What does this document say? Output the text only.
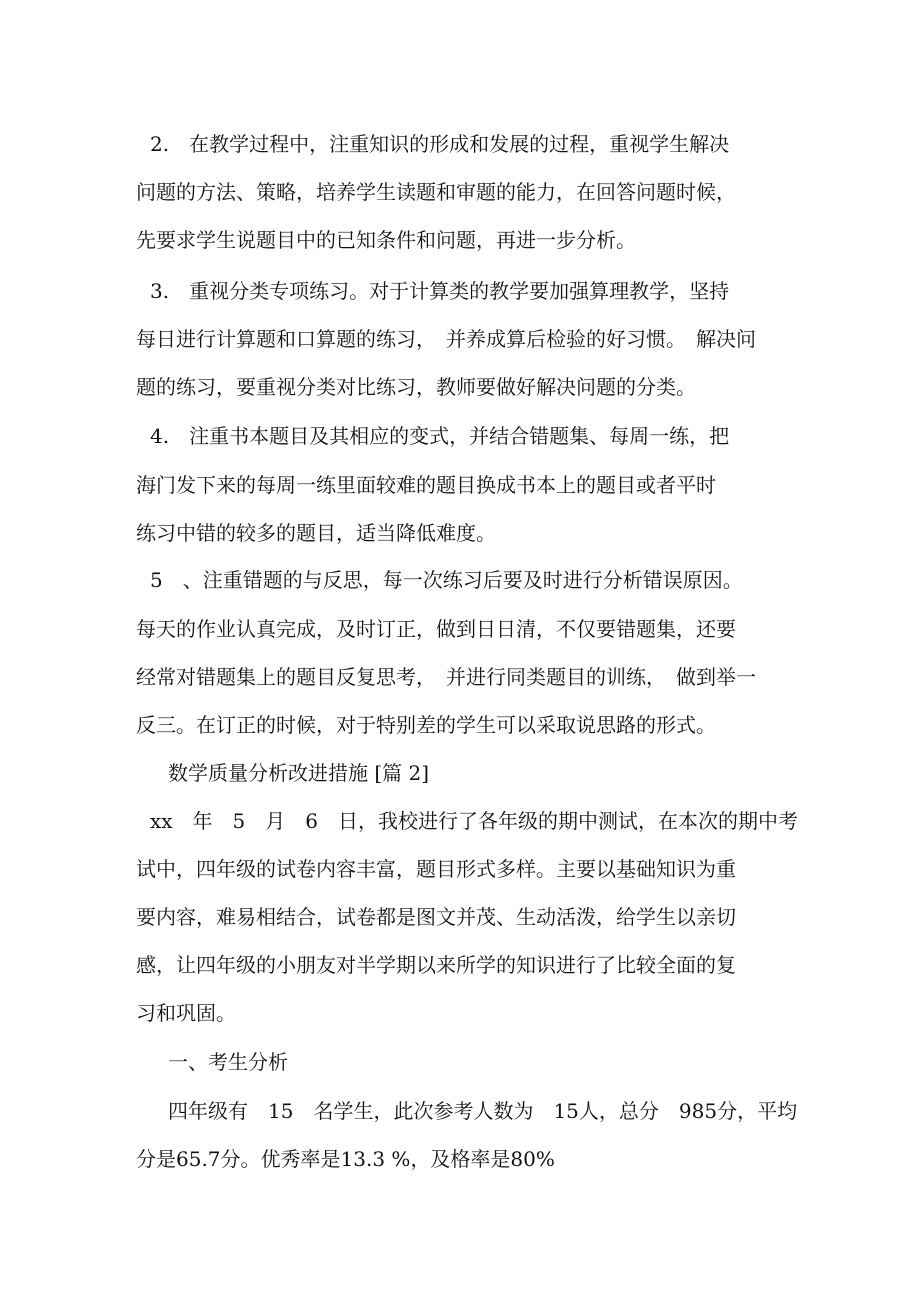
2.　在教学过程中，注重知识的形成和发展的过程，重视学生解决
问题的方法、策略，培养学生读题和审题的能力，在回答问题时候，
先要求学生说题目中的已知条件和问题，再进一步分析。
3.　重视分类专项练习。对于计算类的教学要加强算理教学，坚持
每日进行计算题和口算题的练习，　并养成算后检验的好习惯。　解决问
题的练习，要重视分类对比练习，教师要做好解决问题的分类。
4.　注重书本题目及其相应的变式，并结合错题集、每周一练，把
海门发下来的每周一练里面较难的题目换成书本上的题目或者平时
练习中错的较多的题目，适当降低难度。
5　、注重错题的与反思，每一次练习后要及时进行分析错误原因。
每天的作业认真完成，及时订正，做到日日清，不仅要错题集，还要
经常对错题集上的题目反复思考，　并进行同类题目的训练，　做到举一
反三。在订正的时候，对于特别差的学生可以采取说思路的形式。
数学质量分析改进措施 [篇 2]
xx　年　5　月　6　日，我校进行了各年级的期中测试，在本次的期中考
试中，四年级的试卷内容丰富，题目形式多样。主要以基础知识为重
要内容，难易相结合，试卷都是图文并茂、生动活泼，给学生以亲切
感，让四年级的小朋友对半学期以来所学的知识进行了比较全面的复
习和巩固。
一、考生分析
四年级有　15　名学生，此次参考人数为　15人，总分　985分，平均
分是65.7分。优秀率是13.3 %，及格率是80%
